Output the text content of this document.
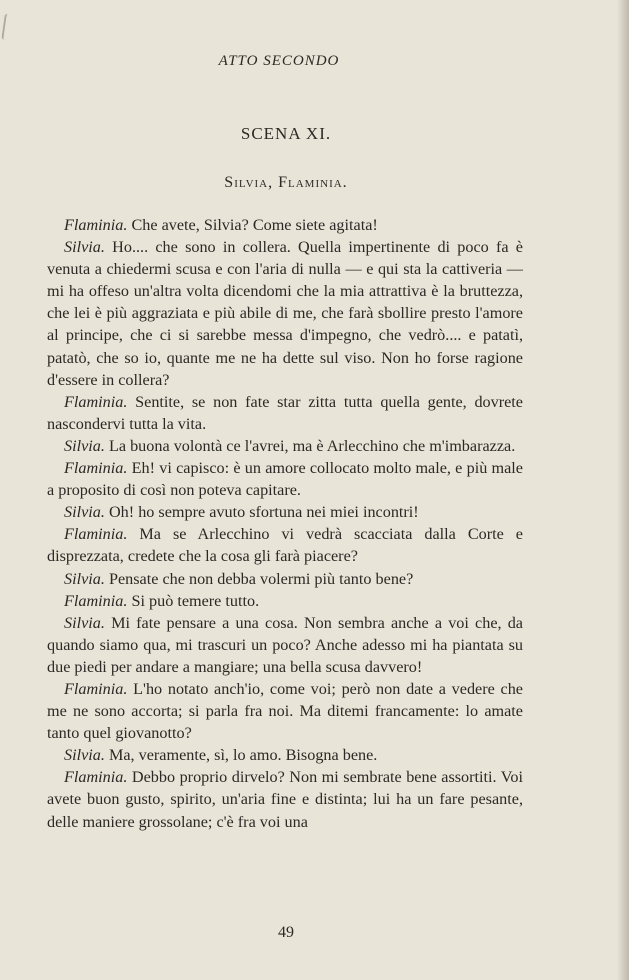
ATTO SECONDO
SCENA XI.
Silvia, Flaminia.

Flaminia. Che avete, Silvia? Come siete agitata!

Silvia. Ho.... che sono in collera. Quella impertinente di poco fa è venuta a chiedermi scusa e con l'aria di nulla — e qui sta la cattiveria — mi ha offeso un'altra volta dicendomi che la mia attrattiva è la bruttezza, che lei è più aggraziata e più abile di me, che farà sbollire presto l'amore al principe, che ci si sarebbe messa d'impegno, che vedrò.... e patatì, patatò, che so io, quante me ne ha dette sul viso. Non ho forse ragione d'essere in collera?

Flaminia. Sentite, se non fate star zitta tutta quella gente, dovrete nascondervi tutta la vita.

Silvia. La buona volontà ce l'avrei, ma è Arlecchino che m'imbarazza.

Flaminia. Eh! vi capisco: è un amore collocato molto male, e più male a proposito di così non poteva capitare.

Silvia. Oh! ho sempre avuto sfortuna nei miei incontri!

Flaminia. Ma se Arlecchino vi vedrà scacciata dalla Corte e disprezzata, credete che la cosa gli farà piacere?

Silvia. Pensate che non debba volermi più tanto bene?

Flaminia. Si può temere tutto.

Silvia. Mi fate pensare a una cosa. Non sembra anche a voi che, da quando siamo qua, mi trascuri un poco? Anche adesso mi ha piantata su due piedi per andare a mangiare; una bella scusa davvero!

Flaminia. L'ho notato anch'io, come voi; però non date a vedere che me ne sono accorta; si parla fra noi. Ma ditemi francamente: lo amate tanto quel giovanotto?

Silvia. Ma, veramente, sì, lo amo. Bisogna bene.

Flaminia. Debbo proprio dirvelo? Non mi sembrate bene assortiti. Voi avete buon gusto, spirito, un'aria fine e distinta; lui ha un fare pesante, delle maniere grossolane; c'è fra voi una

49
